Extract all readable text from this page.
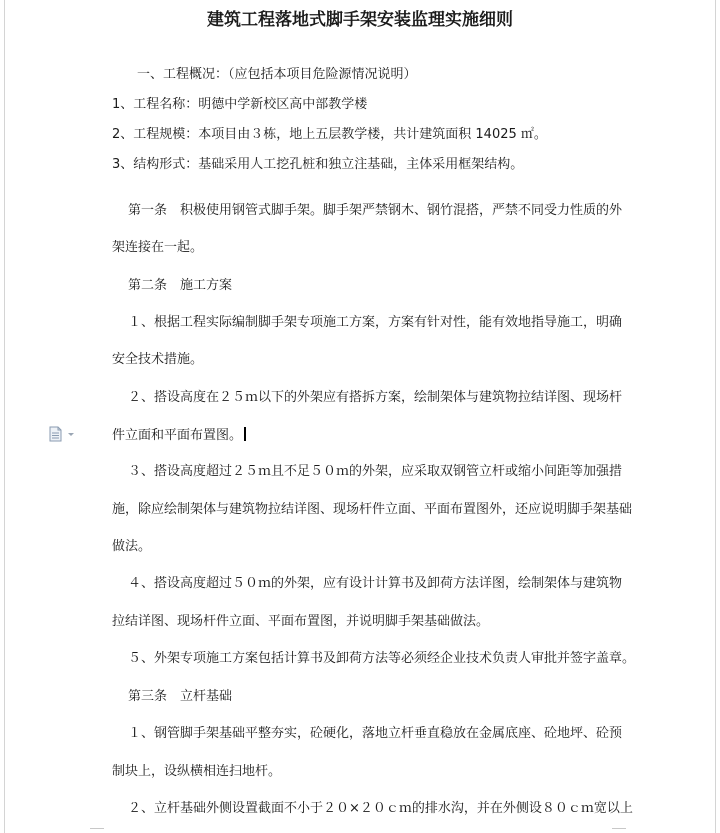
建筑工程落地式脚手架安装监理实施细则
一、工程概况：（应包括本项目危险源情况说明）
1、工程名称：明德中学新校区高中部教学楼
2、工程规模：本项目由３栋，地上五层教学楼，共计建筑面积 14025 ㎡。
3、结构形式：基础采用人工挖孔桩和独立注基础，主体采用框架结构。
第一条　积极使用钢管式脚手架。脚手架严禁钢木、钢竹混搭，严禁不同受力性质的外
架连接在一起。
第二条　施工方案
１、根据工程实际编制脚手架专项施工方案，方案有针对性，能有效地指导施工，明确
安全技术措施。
２、搭设高度在２５ｍ以下的外架应有搭拆方案，绘制架体与建筑物拉结详图、现场杆
件立面和平面布置图。
３、搭设高度超过２５ｍ且不足５０ｍ的外架，应采取双钢管立杆或缩小间距等加强措
施，除应绘制架体与建筑物拉结详图、现场杆件立面、平面布置图外，还应说明脚手架基础
做法。
４、搭设高度超过５０ｍ的外架，应有设计计算书及卸荷方法详图，绘制架体与建筑物
拉结详图、现场杆件立面、平面布置图，并说明脚手架基础做法。
５、外架专项施工方案包括计算书及卸荷方法等必须经企业技术负责人审批并签字盖章。
第三条　立杆基础
１、钢管脚手架基础平整夯实，砼硬化，落地立杆垂直稳放在金属底座、砼地坪、砼预
制块上，设纵横相连扫地杆。
２、立杆基础外侧设置截面不小于２０×２０ｃｍ的排水沟，并在外侧设８０ｃｍ宽以上
